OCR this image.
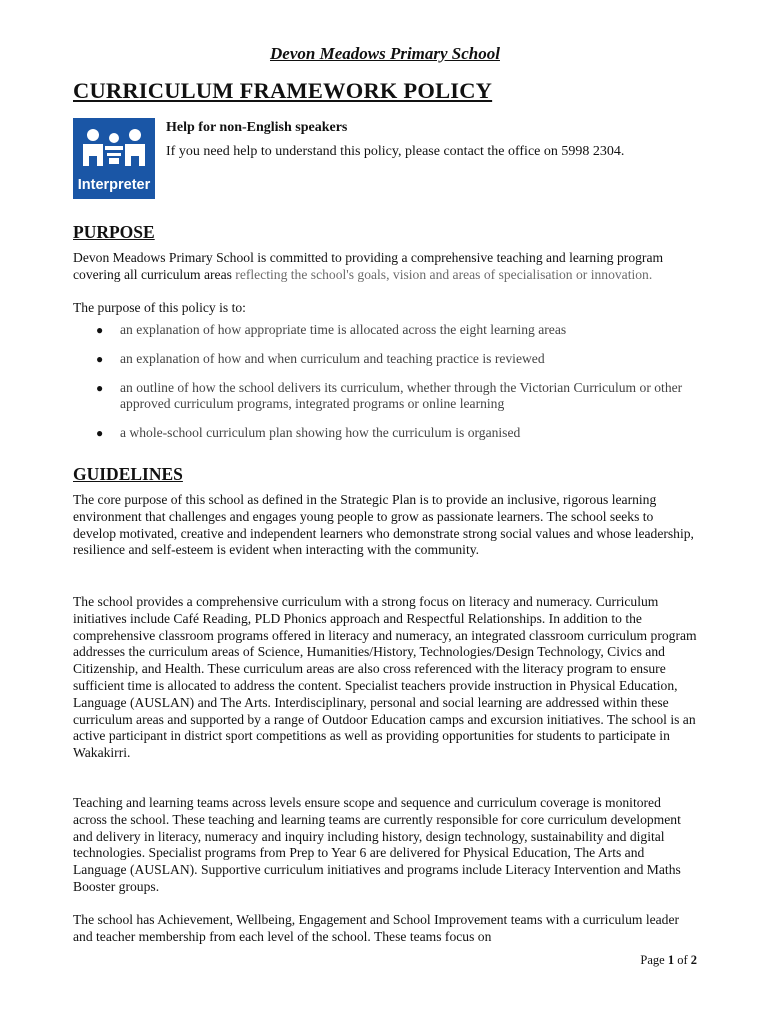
Devon Meadows Primary School
CURRICULUM FRAMEWORK POLICY
Interpreter
Help for non-English speakers
If you need help to understand this policy, please contact the office on 5998 2304.
PURPOSE

Devon Meadows Primary School is committed to providing a comprehensive teaching and learning program covering all curriculum areas reflecting the school's goals, vision and areas of specialisation or innovation.

The purpose of this policy is to:

● an explanation of how appropriate time is allocated across the eight learning areas
● an explanation of how and when curriculum and teaching practice is reviewed
● an outline of how the school delivers its curriculum, whether through the Victorian Curriculum or other approved curriculum programs, integrated programs or online learning
● a whole-school curriculum plan showing how the curriculum is organised
GUIDELINES

The core purpose of this school as defined in the Strategic Plan is to provide an inclusive, rigorous learning environment that challenges and engages young people to grow as passionate learners. The school seeks to develop motivated, creative and independent learners who demonstrate strong social values and whose leadership, resilience and self-esteem is evident when interacting with the community.

The school provides a comprehensive curriculum with a strong focus on literacy and numeracy. Curriculum initiatives include Café Reading, PLD Phonics approach and Respectful Relationships. In addition to the comprehensive classroom programs offered in literacy and numeracy, an integrated classroom curriculum program addresses the curriculum areas of Science, Humanities/History, Technologies/Design Technology, Civics and Citizenship, and Health. These curriculum areas are also cross referenced with the literacy program to ensure sufficient time is allocated to address the content. Specialist teachers provide instruction in Physical Education, Language (AUSLAN) and The Arts. Interdisciplinary, personal and social learning are addressed within these curriculum areas and supported by a range of Outdoor Education camps and excursion initiatives. The school is an active participant in district sport competitions as well as providing opportunities for students to participate in Wakakirri.

Teaching and learning teams across levels ensure scope and sequence and curriculum coverage is monitored across the school. These teaching and learning teams are currently responsible for core curriculum development and delivery in literacy, numeracy and inquiry including history, design technology, sustainability and digital technologies. Specialist programs from Prep to Year 6 are delivered for Physical Education, The Arts and Language (AUSLAN). Supportive curriculum initiatives and programs include Literacy Intervention and Maths Booster groups.

The school has Achievement, Wellbeing, Engagement and School Improvement teams with a curriculum leader and teacher membership from each level of the school. These teams focus on

Page 1 of 2
